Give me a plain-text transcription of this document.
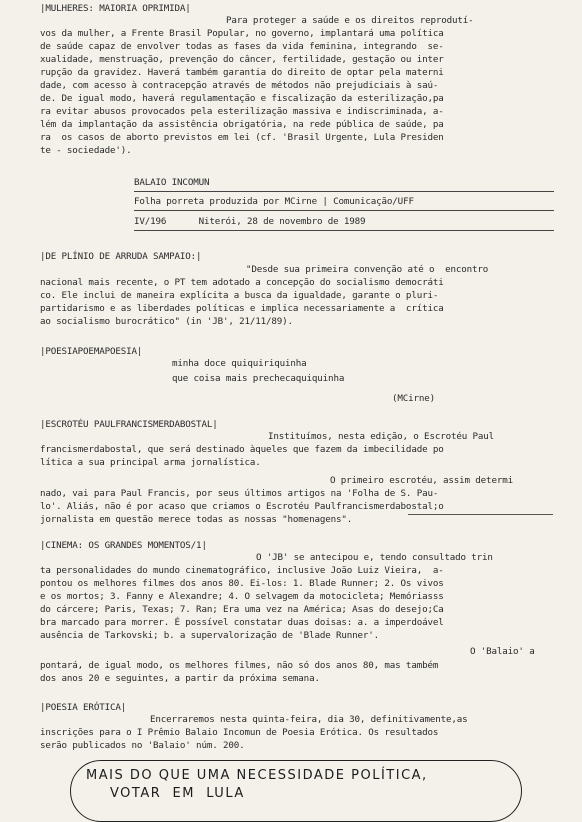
|MULHERES: MAIORIA OPRIMIDA|
Para proteger a saúde e os direitos reprodutí-
vos da mulher, a Frente Brasil Popular, no governo, implantará uma política
de saúde capaz de envolver todas as fases da vida feminina, integrando  se-
xualidade, menstruação, prevenção do câncer, fertilidade, gestação ou inter
rupção da gravidez. Haverá também garantia do direito de optar pela materni
dade, com acesso à contracepção através de métodos não prejudiciais à saú-
de. De igual modo, haverá regulamentação e fiscalização da esterilização,pa
ra evitar abusos provocados pela esterilização massiva e indiscriminada, a-
lém da implantação da assistência obrigatória, na rede pública de saúde, pa
ra  os casos de aborto previstos em lei (cf. 'Brasil Urgente, Lula Presiden
te - sociedade').
BALAIO INCOMUN
Folha porreta produzida por MCirne | Comunicação/UFF
IV/196      Niterói, 28 de novembro de 1989
|DE PLÍNIO DE ARRUDA SAMPAIO:|
"Desde sua primeira convenção até o  encontro
nacional mais recente, o PT tem adotado a concepção do socialismo democráti
co. Ele inclui de maneira explícita a busca da igualdade, garante o pluri-
partidarismo e as liberdades políticas e implica necessariamente a  crítica
ao socialismo burocrático" (in 'JB', 21/11/89).
|POESIAPOEMAPOESIA|
minha doce quiquiriquinha
que coisa mais prechecaquiquinha
(MCirne)
|ESCROTÉU PAULFRANCISMERDABOSTAL|
Instituímos, nesta edição, o Escrotéu Paul
francismerdabostal, que será destinado àqueles que fazem da imbecilidade po
lítica a sua principal arma jornalística.
O primeiro escrotéu, assim determi
nado, vai para Paul Francis, por seus últimos artigos na 'Folha de S. Pau-
lo'. Aliás, não é por acaso que criamos o Escrotéu Paulfrancismerdabostal;o
jornalista em questão merece todas as nossas "homenagens".
|CINEMA: OS GRANDES MOMENTOS/1|
O 'JB' se antecipou e, tendo consultado trin
ta personalidades do mundo cinematográfico, inclusive João Luiz Vieira,  a-
pontou os melhores filmes dos anos 80. Ei-los: 1. Blade Runner; 2. Os vivos
e os mortos; 3. Fanny e Alexandre; 4. O selvagem da motocicleta; Memóriasss
do cárcere; Paris, Texas; 7. Ran; Era uma vez na América; Asas do desejo;Ca
bra marcado para morrer. É possível constatar duas doisas: a. a imperdoável
ausência de Tarkovski; b. a supervalorização de 'Blade Runner'.
O 'Balaio' a
pontará, de igual modo, os melhores filmes, não só dos anos 80, mas também
dos anos 20 e seguintes, a partir da próxima semana.
|POESIA ERÓTICA|
Encerraremos nesta quinta-feira, dia 30, definitivamente,as
inscrições para o I Prêmio Balaio Incomun de Poesia Erótica. Os resultados
serão publicados no 'Balaio' núm. 200.
MAIS DO QUE UMA NECESSIDADE POLÍTICA,
VOTAR  EM  LULA
